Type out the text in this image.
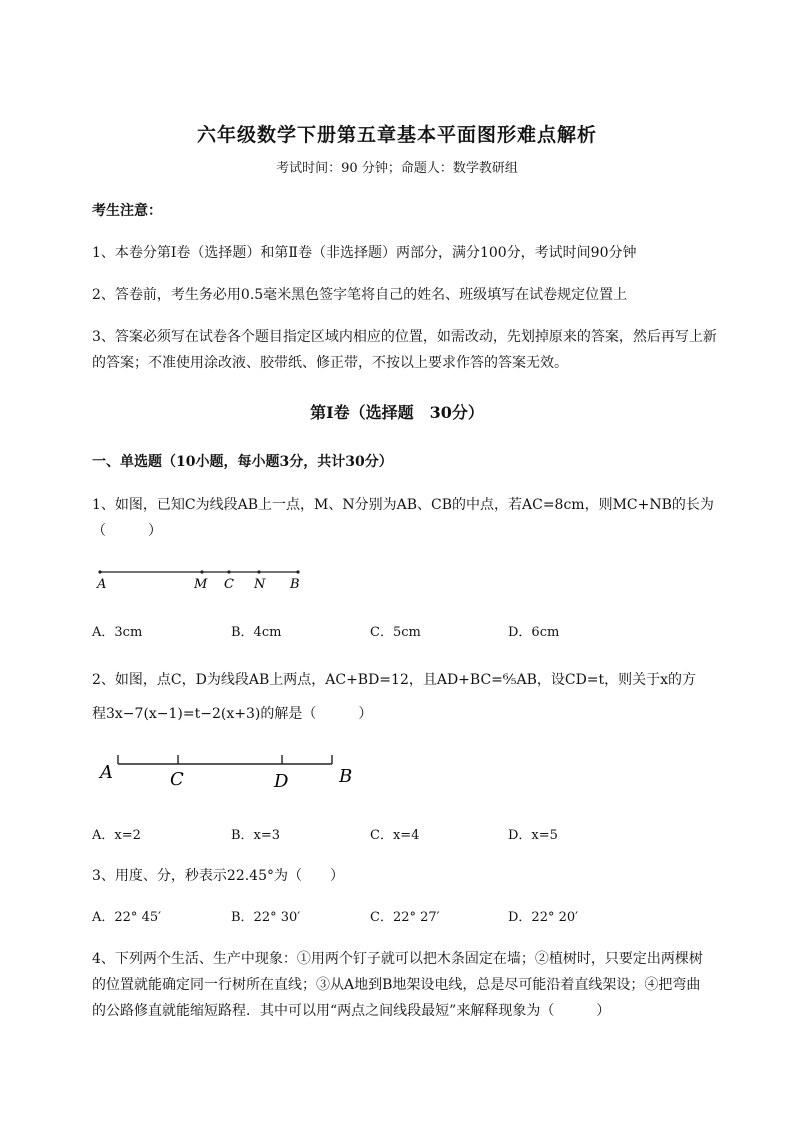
六年级数学下册第五章基本平面图形难点解析
考试时间：90 分钟；命题人：数学教研组
考生注意：
1、本卷分第Ⅰ卷（选择题）和第Ⅱ卷（非选择题）两部分，满分100分，考试时间90分钟
2、答卷前，考生务必用0.5毫米黑色签字笔将自己的姓名、班级填写在试卷规定位置上
3、答案必须写在试卷各个题目指定区域内相应的位置，如需改动，先划掉原来的答案，然后再写上新
的答案；不准使用涂改液、胶带纸、修正带，不按以上要求作答的答案无效。
第Ⅰ卷（选择题　30分）
一、单选题（10小题，每小题3分，共计30分）
1、如图，已知C为线段AB上一点，M、N分别为AB、CB的中点，若AC=8cm，则MC+NB的长为
（　　　）
A	M C N B
A．3cm	B．4cm	C．5cm	D．6cm
2、如图，点C，D为线段AB上两点，AC+BD=12，且AD+BC=⁶⁄₅AB，设CD=t，则关于x的方
程3x−7(x−1)=t−2(x+3)的解是（　　　）
A	C	D	B
A．x=2	B．x=3	C．x=4	D．x=5
3、用度、分，秒表示22.45°为（　　）
A．22° 45′	B．22° 30′	C．22° 27′	D．22° 20′
4、下列两个生活、生产中现象：①用两个钉子就可以把木条固定在墙；②植树时，只要定出两棵树
的位置就能确定同一行树所在直线；③从A地到B地架设电线，总是尽可能沿着直线架设；④把弯曲
的公路修直就能缩短路程．其中可以用“两点之间线段最短”来解释现象为（　　　）
